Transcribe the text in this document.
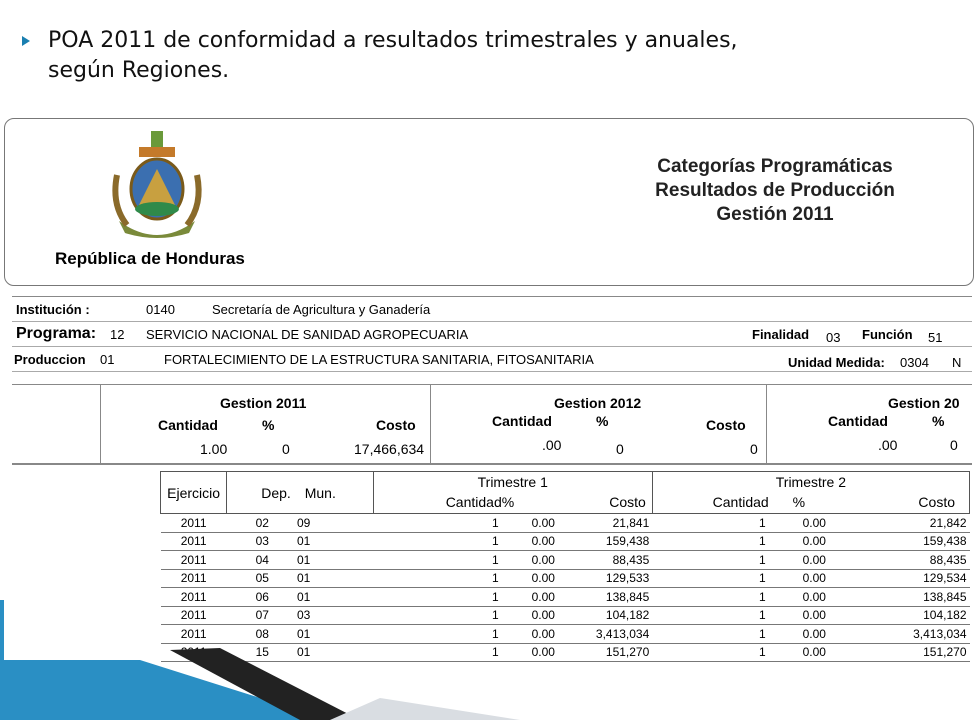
POA 2011 de conformidad a resultados trimestrales y anuales, según Regiones.
República de Honduras
Categorías Programáticas
Resultados de Producción
Gestión 2011
Institución :	0140	Secretaría de Agricultura y Ganadería
Programa: 12 SERVICIO NACIONAL DE SANIDAD AGROPECUARIA	Finalidad 03 Función 51
Produccion 01	FORTALECIMIENTO DE LA ESTRUCTURA SANITARIA, FITOSANITARIA	Unidad Medida: 0304 N
Gestion 2011
Cantidad	%	Costo
1.00	0	17,466,634
Gestion 2012
Cantidad	%	Costo
.00	0	0
Gestion 20
Cantidad	%
.00	0
Ejercicio	Dep. Mun.		Trimestre 1			Trimestre 2		
			Cantidad	%	Costo	Cantidad	%	Costo
2011	02	09	1	0.00	21,841	1	0.00	21,842
2011	03	01	1	0.00	159,438	1	0.00	159,438
2011	04	01	1	0.00	88,435	1	0.00	88,435
2011	05	01	1	0.00	129,533	1	0.00	129,534
2011	06	01	1	0.00	138,845	1	0.00	138,845
2011	07	03	1	0.00	104,182	1	0.00	104,182
2011	08	01	1	0.00	3,413,034	1	0.00	3,413,034
	15	01	1	0.00	151,270	1	0.00	151,270
